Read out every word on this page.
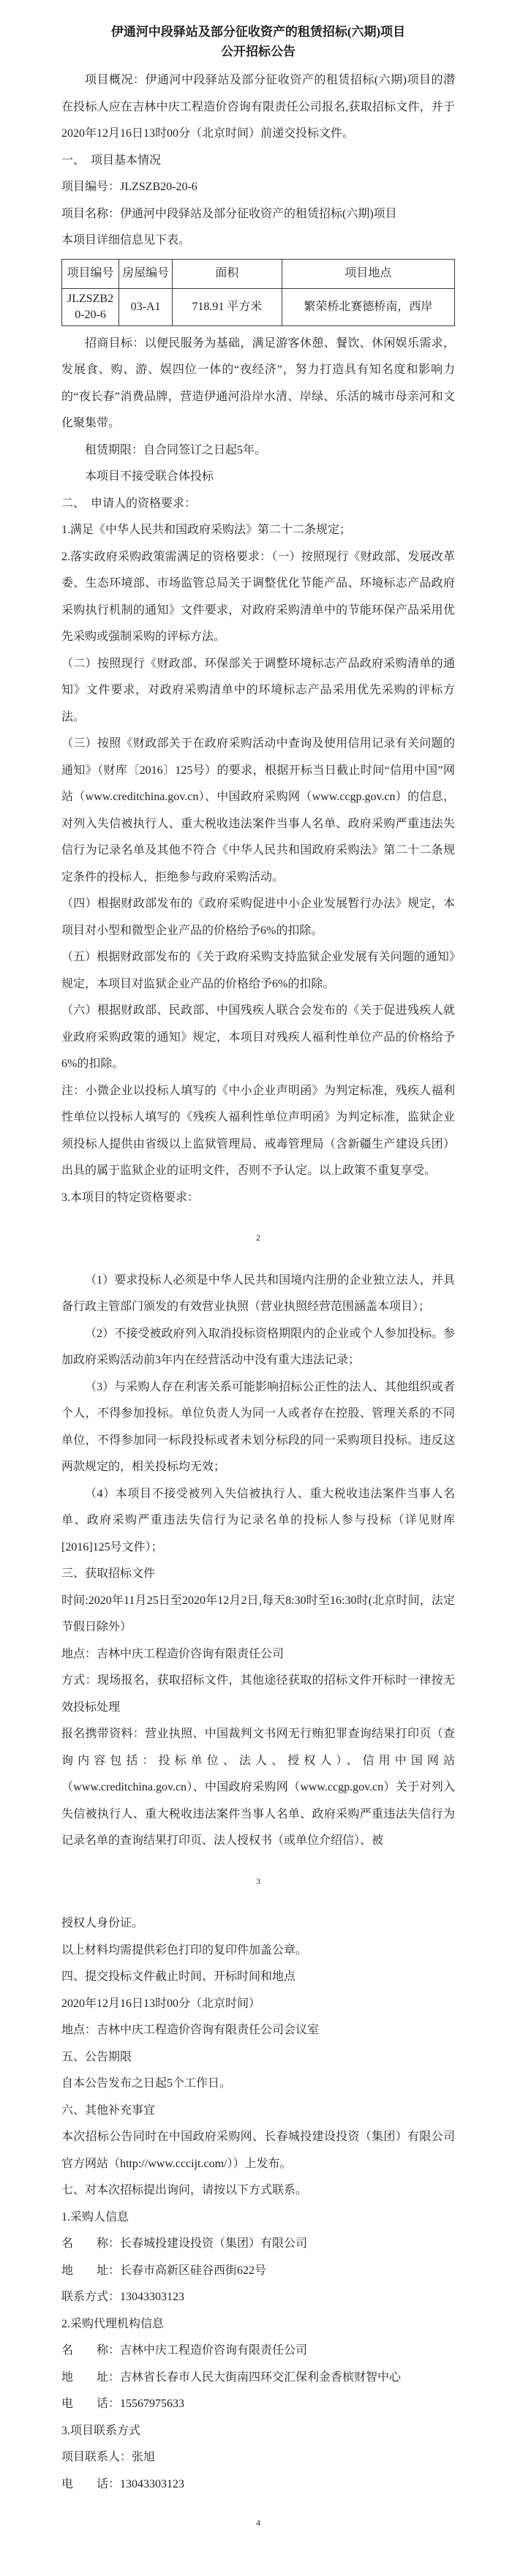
伊通河中段驿站及部分征收资产的租赁招标(六期)项目
公开招标公告

项目概况：伊通河中段驿站及部分征收资产的租赁招标(六期)项目的潜在投标人应在吉林中庆工程造价咨询有限责任公司报名,获取招标文件，并于2020年12月16日13时00分（北京时间）前递交投标文件。

一、　项目基本情况

项目编号：JLZSZB20-20-6

项目名称：伊通河中段驿站及部分征收资产的租赁招标(六期)项目

本项目详细信息见下表。

项目编号	房屋编号	面积	项目地点
JLZSZB20-20-6	03-A1	718.91 平方米	繁荣桥北赛德桥南，西岸

招商目标：以便民服务为基础，满足游客休憩、餐饮、休闲娱乐需求，发展食、购、游、娱四位一体的“夜经济”，努力打造具有知名度和影响力的“夜长春”消费品牌，营造伊通河沿岸水清、岸绿、乐活的城市母亲河和文化聚集带。

租赁期限：自合同签订之日起5年。

本项目不接受联合体投标

二、　申请人的资格要求：

1.满足《中华人民共和国政府采购法》第二十二条规定；

2.落实政府采购政策需满足的资格要求：（一）按照现行《财政部、发展改革委、生态环境部、市场监管总局关于调整优化节能产品、环境标志产品政府采购执行机制的通知》文件要求，对政府采购清单中的节能环保产品采用优先采购或强制采购的评标方法。

（二）按照现行《财政部、环保部关于调整环境标志产品政府采购清单的通知》文件要求，对政府采购清单中的环境标志产品采用优先采购的评标方法。

（三）按照《财政部关于在政府采购活动中查询及使用信用记录有关问题的通知》（财库〔2016〕125号）的要求，根据开标当日截止时间“信用中国”网站（www.creditchina.gov.cn）、中国政府采购网（www.ccgp.gov.cn）的信息，对列入失信被执行人、重大税收违法案件当事人名单、政府采购严重违法失信行为记录名单及其他不符合《中华人民共和国政府采购法》第二十二条规定条件的投标人，拒绝参与政府采购活动。

（四）根据财政部发布的《政府采购促进中小企业发展暂行办法》规定，本项目对小型和微型企业产品的价格给予6%的扣除。

（五）根据财政部发布的《关于政府采购支持监狱企业发展有关问题的通知》规定，本项目对监狱企业产品的价格给予6%的扣除。

（六）根据财政部、民政部、中国残疾人联合会发布的《关于促进残疾人就业政府采购政策的通知》规定，本项目对残疾人福利性单位产品的价格给予6%的扣除。

注：小微企业以投标人填写的《中小企业声明函》为判定标准，残疾人福利性单位以投标人填写的《残疾人福利性单位声明函》为判定标准，监狱企业须投标人提供由省级以上监狱管理局、戒毒管理局（含新疆生产建设兵团）出具的属于监狱企业的证明文件，否则不予认定。以上政策不重复享受。

3.本项目的特定资格要求：

2

（1）要求投标人必须是中华人民共和国境内注册的企业独立法人，并具备行政主管部门颁发的有效营业执照（营业执照经营范围涵盖本项目）；

（2）不接受被政府列入取消投标资格期限内的企业或个人参加投标。参加政府采购活动前3年内在经营活动中没有重大违法记录；

（3）与采购人存在利害关系可能影响招标公正性的法人、其他组织或者个人，不得参加投标。单位负责人为同一人或者存在控股、管理关系的不同单位，不得参加同一标段投标或者未划分标段的同一采购项目投标。违反这两款规定的，相关投标均无效；

（4）本项目不接受被列入失信被执行人、重大税收违法案件当事人名单、政府采购严重违法失信行为记录名单的投标人参与投标（详见财库[2016]125号文件）；

三、获取招标文件

时间:2020年11月25日至2020年12月2日,每天8:30时至16:30时(北京时间，法定节假日除外）

地点：吉林中庆工程造价咨询有限责任公司

方式：现场报名，获取招标文件，其他途径获取的招标文件开标时一律按无效投标处理

报名携带资料：营业执照、中国裁判文书网无行贿犯罪查询结果打印页（查询内容包括：投标单位、法人、授权人）、信用中国网站（www.creditchina.gov.cn）、中国政府采购网（www.ccgp.gov.cn）关于对列入失信被执行人、重大税收违法案件当事人名单、政府采购严重违法失信行为记录名单的查询结果打印页、法人授权书（或单位介绍信）、被

3

授权人身份证。

以上材料均需提供彩色打印的复印件加盖公章。

四、提交投标文件截止时间、开标时间和地点

2020年12月16日13时00分（北京时间）

地点：吉林中庆工程造价咨询有限责任公司会议室

五、公告期限

自本公告发布之日起5个工作日。

六、其他补充事宜

本次招标公告同时在中国政府采购网、长春城投建设投资（集团）有限公司官方网站（http://www.cccijt.com/））上发布。

七、对本次招标提出询问，请按以下方式联系。

1.采购人信息

名　　称：长春城投建设投资（集团）有限公司

地　　址：长春市高新区硅谷西街622号

联系方式：13043303123

2.采购代理机构信息

名　　称：吉林中庆工程造价咨询有限责任公司

地　　址：吉林省长春市人民大街南四环交汇保利金香槟财智中心

电　　话：15567975633

3.项目联系方式

项目联系人：张旭

电　　话：13043303123

4
